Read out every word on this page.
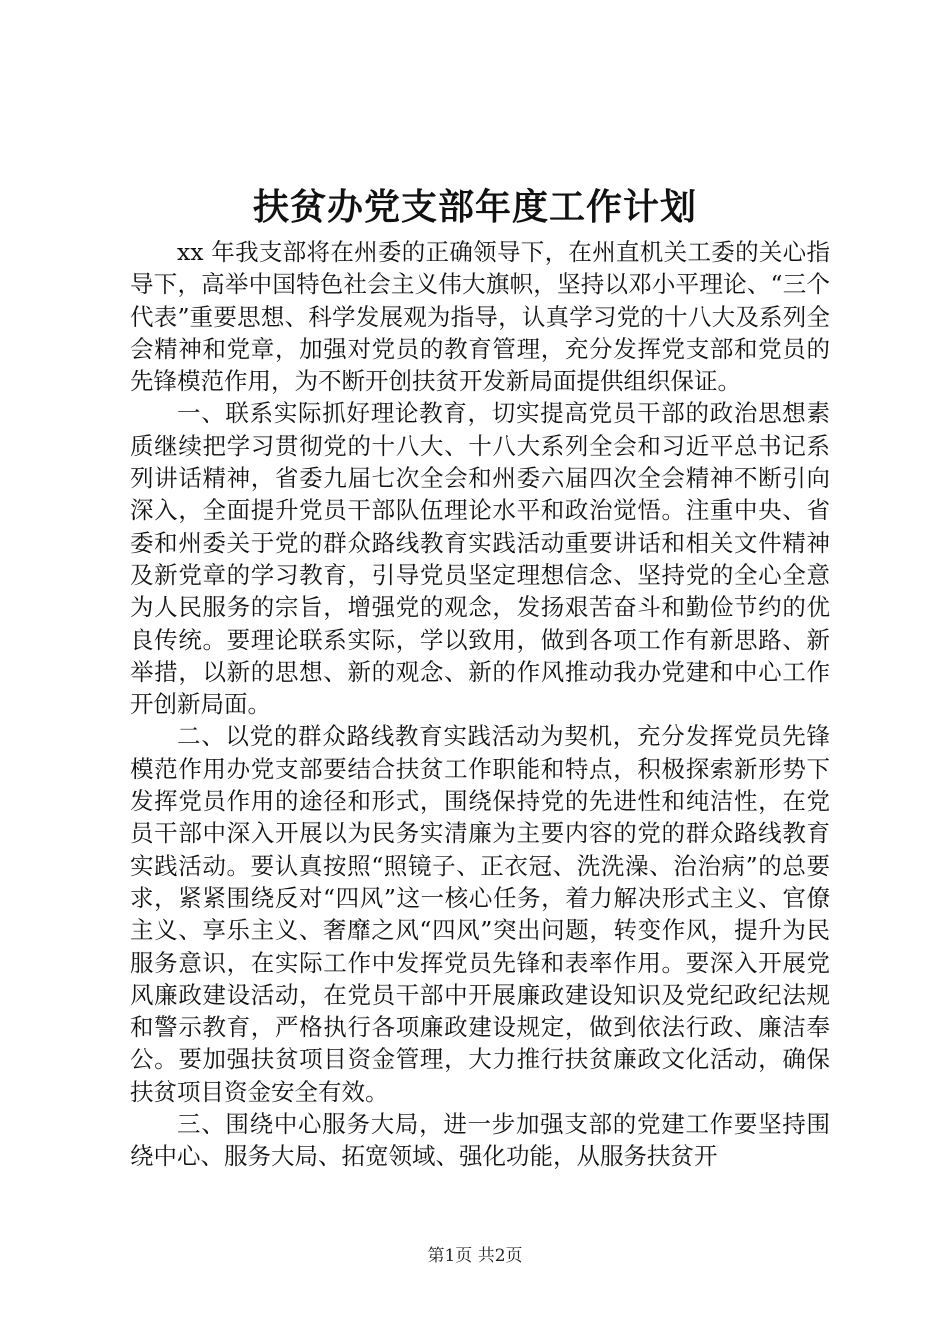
扶贫办党支部年度工作计划

xx 年我支部将在州委的正确领导下，在州直机关工委的关心指导下，高举中国特色社会主义伟大旗帜，坚持以邓小平理论、“三个代表”重要思想、科学发展观为指导，认真学习党的十八大及系列全会精神和党章，加强对党员的教育管理，充分发挥党支部和党员的先锋模范作用，为不断开创扶贫开发新局面提供组织保证。

一、联系实际抓好理论教育，切实提高党员干部的政治思想素质继续把学习贯彻党的十八大、十八大系列全会和习近平总书记系列讲话精神，省委九届七次全会和州委六届四次全会精神不断引向深入，全面提升党员干部队伍理论水平和政治觉悟。注重中央、省委和州委关于党的群众路线教育实践活动重要讲话和相关文件精神及新党章的学习教育，引导党员坚定理想信念、坚持党的全心全意为人民服务的宗旨，增强党的观念，发扬艰苦奋斗和勤俭节约的优良传统。要理论联系实际，学以致用，做到各项工作有新思路、新举措，以新的思想、新的观念、新的作风推动我办党建和中心工作开创新局面。

二、以党的群众路线教育实践活动为契机，充分发挥党员先锋模范作用办党支部要结合扶贫工作职能和特点，积极探索新形势下发挥党员作用的途径和形式，围绕保持党的先进性和纯洁性，在党员干部中深入开展以为民务实清廉为主要内容的党的群众路线教育实践活动。要认真按照“照镜子、正衣冠、洗洗澡、治治病”的总要求，紧紧围绕反对“四风”这一核心任务，着力解决形式主义、官僚主义、享乐主义、奢靡之风“四风”突出问题，转变作风，提升为民服务意识，在实际工作中发挥党员先锋和表率作用。要深入开展党风廉政建设活动，在党员干部中开展廉政建设知识及党纪政纪法规和警示教育，严格执行各项廉政建设规定，做到依法行政、廉洁奉公。要加强扶贫项目资金管理，大力推行扶贫廉政文化活动，确保扶贫项目资金安全有效。

三、围绕中心服务大局，进一步加强支部的党建工作要坚持围绕中心、服务大局、拓宽领域、强化功能，从服务扶贫开

第1页 共2页
